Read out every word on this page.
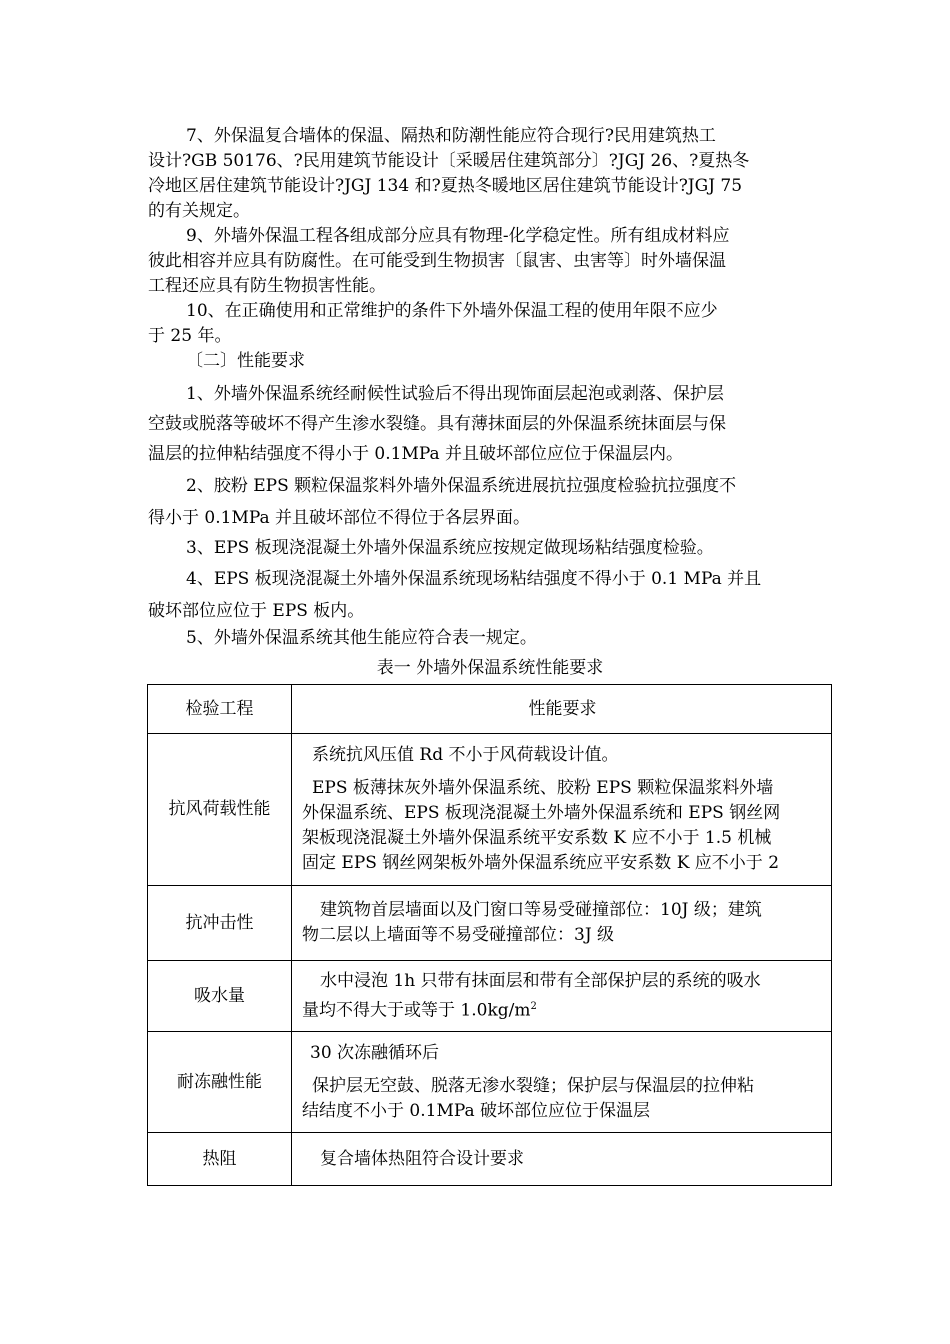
7、外保温复合墙体的保温、隔热和防潮性能应符合现行?民用建筑热工
设计?GB 50176、?民用建筑节能设计〔采暖居住建筑部分〕?JGJ 26、?夏热冬
冷地区居住建筑节能设计?JGJ 134 和?夏热冬暖地区居住建筑节能设计?JGJ 75
的有关规定。
9、外墙外保温工程各组成部分应具有物理-化学稳定性。所有组成材料应
彼此相容并应具有防腐性。在可能受到生物损害〔鼠害、虫害等〕时外墙保温
工程还应具有防生物损害性能。
10、在正确使用和正常维护的条件下外墙外保温工程的使用年限不应少
于 25 年。
〔二〕性能要求
1、外墙外保温系统经耐候性试验后不得出现饰面层起泡或剥落、保护层
空鼓或脱落等破坏不得产生渗水裂缝。具有薄抹面层的外保温系统抹面层与保
温层的拉伸粘结强度不得小于 0.1MPa 并且破坏部位应位于保温层内。
2、胶粉 EPS 颗粒保温浆料外墙外保温系统进展抗拉强度检验抗拉强度不
得小于 0.1MPa 并且破坏部位不得位于各层界面。
3、EPS 板现浇混凝土外墙外保温系统应按规定做现场粘结强度检验。
4、EPS 板现浇混凝土外墙外保温系统现场粘结强度不得小于 0.1 MPa 并且
破坏部位应位于 EPS 板内。
5、外墙外保温系统其他生能应符合表一规定。
表一 外墙外保温系统性能要求
检验工程	性能要求
抗风荷载性能	系统抗风压值 Rd 不小于风荷载设计值。

EPS 板薄抹灰外墙外保温系统、胶粉 EPS 颗粒保温浆料外墙
外保温系统、EPS 板现浇混凝土外墙外保温系统和 EPS 钢丝网
架板现浇混凝土外墙外保温系统平安系数 K 应不小于 1.5 机械
固定 EPS 钢丝网架板外墙外保温系统应平安系数 K 应不小于 2

抗冲击性	建筑物首层墙面以及门窗口等易受碰撞部位：10J 级；建筑
物二层以上墙面等不易受碰撞部位：3J 级

吸水量	水中浸泡 1h 只带有抹面层和带有全部保护层的系统的吸水
量均不得大于或等于 $1.0kg/m^2$

耐冻融性能	30 次冻融循环后

保护层无空鼓、脱落无渗水裂缝；保护层与保温层的拉伸粘
结结度不小于 0.1MPa 破坏部位应位于保温层

热阻	复合墙体热阻符合设计要求
